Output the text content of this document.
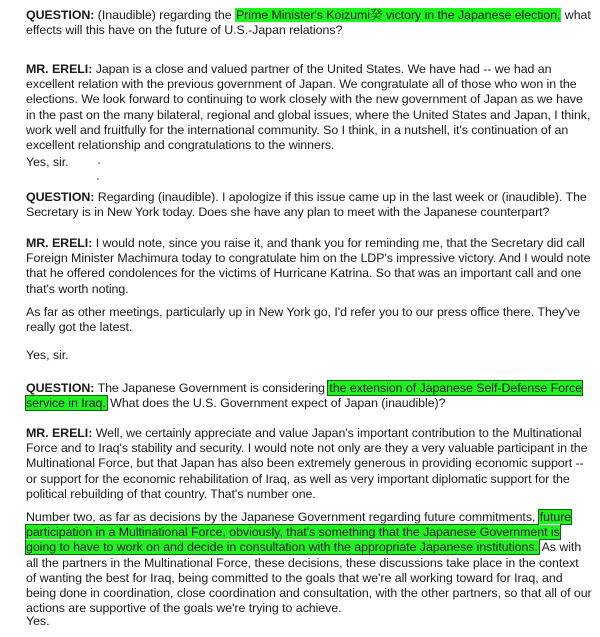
QUESTION: (Inaudible) regarding the Prime Minister's Koizumi癸 victory in the Japanese election, what effects will this have on the future of U.S.-Japan relations?

MR. ERELI: Japan is a close and valued partner of the United States. We have had -- we had an excellent relation with the previous government of Japan. We congratulate all of those who won in the elections. We look forward to continuing to work closely with the new government of Japan as we have in the past on the many bilateral, regional and global issues, where the United States and Japan, I think, work well and fruitfully for the international community. So I think, in a nutshell, it's continuation of an excellent relationship and congratulations to the winners.

Yes, sir.

QUESTION: Regarding (inaudible). I apologize if this issue came up in the last week or (inaudible). The Secretary is in New York today. Does she have any plan to meet with the Japanese counterpart?

MR. ERELI: I would note, since you raise it, and thank you for reminding me, that the Secretary did call Foreign Minister Machimura today to congratulate him on the LDP's impressive victory. And I would note that he offered condolences for the victims of Hurricane Katrina. So that was an important call and one that's worth noting.

As far as other meetings, particularly up in New York go, I'd refer you to our press office there. They've really got the latest.

Yes, sir.

QUESTION: The Japanese Government is considering the extension of Japanese Self-Defense Force service in Iraq. What does the U.S. Government expect of Japan (inaudible)?

MR. ERELI: Well, we certainly appreciate and value Japan's important contribution to the Multinational Force and to Iraq's stability and security. I would note not only are they a very valuable participant in the Multinational Force, but that Japan has also been extremely generous in providing economic support -- or support for the economic rehabilitation of Iraq, as well as very important diplomatic support for the political rebuilding of that country. That's number one.

Number two, as far as decisions by the Japanese Government regarding future commitments, future participation in a Multinational Force, obviously, that's something that the Japanese Government is going to have to work on and decide in consultation with the appropriate Japanese institutions. As with all the partners in the Multinational Force, these decisions, these discussions take place in the context of wanting the best for Iraq, being committed to the goals that we're all working toward for Iraq, and being done in coordination, close coordination and consultation, with the other partners, so that all of our actions are supportive of the goals we're trying to achieve.

Yes.
